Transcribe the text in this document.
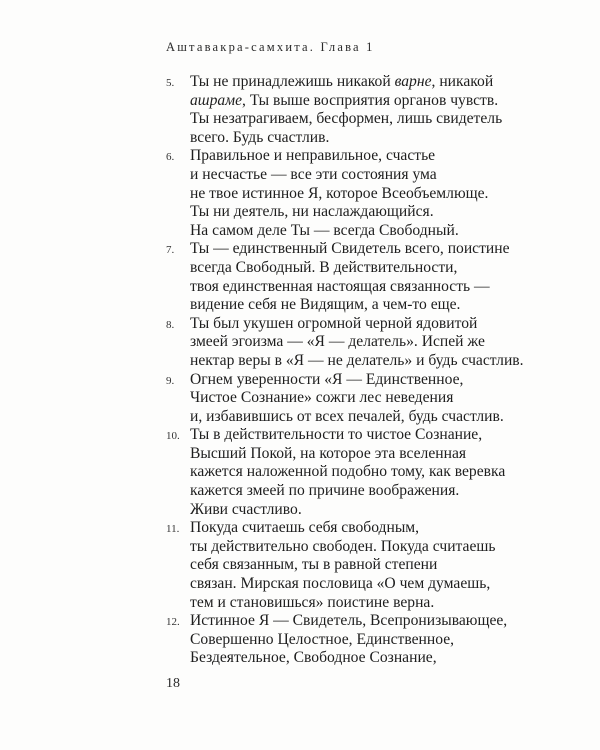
Аштавакра-самхита. Глава 1
5. Ты не принадлежишь никакой варне, никакой
ашраме, Ты выше восприятия органов чувств.
Ты незатрагиваем, бесформен, лишь свидетель
всего. Будь счастлив.
6. Правильное и неправильное, счастье
и несчастье — все эти состояния ума
не твое истинное Я, которое Всеобъемлюще.
Ты ни деятель, ни наслаждающийся.
На самом деле Ты — всегда Свободный.
7. Ты — единственный Свидетель всего, поистине
всегда Свободный. В действительности,
твоя единственная настоящая связанность —
видение себя не Видящим, а чем-то еще.
8. Ты был укушен огромной черной ядовитой
змеей эгоизма — «Я — делатель». Испей же
нектар веры в «Я — не делатель» и будь счастлив.
9. Огнем уверенности «Я — Единственное,
Чистое Сознание» сожги лес неведения
и, избавившись от всех печалей, будь счастлив.
10. Ты в действительности то чистое Сознание,
Высший Покой, на которое эта вселенная
кажется наложенной подобно тому, как веревка
кажется змеей по причине воображения.
Живи счастливо.
11. Покуда считаешь себя свободным,
ты действительно свободен. Покуда считаешь
себя связанным, ты в равной степени
связан. Мирская пословица «О чем думаешь,
тем и становишься» поистине верна.
12. Истинное Я — Свидетель, Всепронизывающее,
Совершенно Целостное, Единственное,
Бездеятельное, Свободное Сознание,
18
